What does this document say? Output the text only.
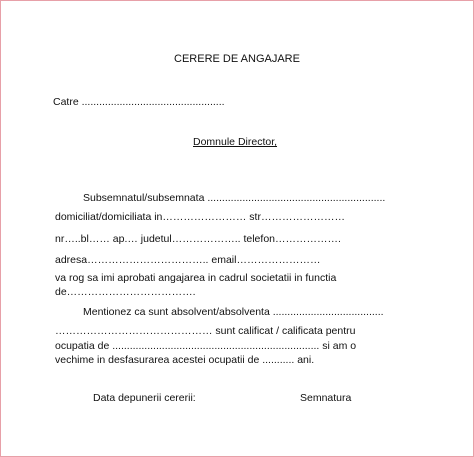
CERERE DE ANGAJARE
Catre .................................................
Domnule Director,
Subsemnatul/subsemnata .............................................................
domiciliat/domiciliata in…………………… str……………………
nr…..bl…… ap.… judetul……………….. telefon……………….
adresa…………………………….. email……………………
va rog sa imi aprobati angajarea in cadrul societatii in functia
de……………………………….
Mentionez ca sunt absolvent/absolventa ......................................
……………………………………… sunt calificat / calificata pentru
ocupatia de ....................................................................... si am o
vechime in desfasurarea acestei ocupatii de ........... ani.
Data depunerii cererii:	Semnatura
